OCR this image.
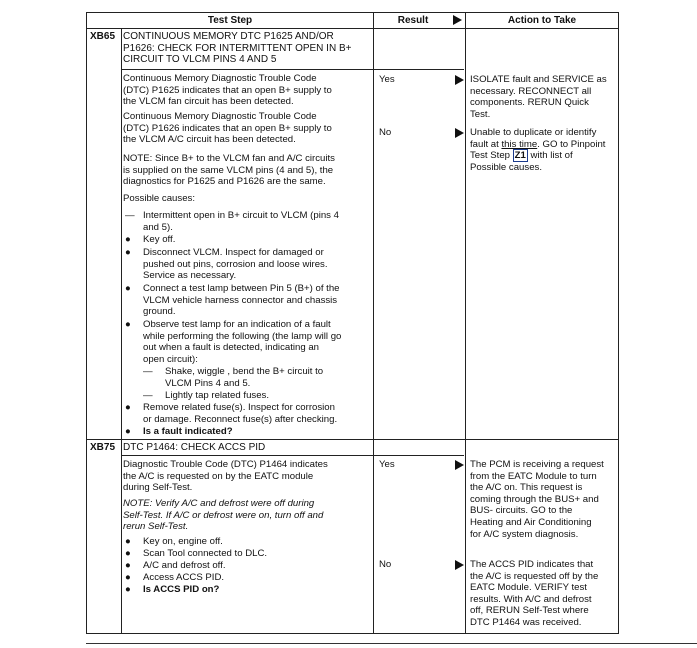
Test Step	Result	Action to Take
XB65 CONTINUOUS MEMORY DTC P1625 AND/OR
P1626: CHECK FOR INTERMITTENT OPEN IN B+
CIRCUIT TO VLCM PINS 4 AND 5
Continuous Memory Diagnostic Trouble Code
(DTC) P1625 indicates that an open B+ supply to
the VLCM fan circuit has been detected.
Continuous Memory Diagnostic Trouble Code
(DTC) P1626 indicates that an open B+ supply to
the VLCM A/C circuit has been detected.
NOTE: Since B+ to the VLCM fan and A/C circuits
is supplied on the same VLCM pins (4 and 5), the
diagnostics for P1625 and P1626 are the same.
Possible causes:
— Intermittent open in B+ circuit to VLCM (pins 4
and 5).
● Key off.
● Disconnect VLCM. Inspect for damaged or
pushed out pins, corrosion and loose wires.
Service as necessary.
● Connect a test lamp between Pin 5 (B+) of the
VLCM vehicle harness connector and chassis
ground.
● Observe test lamp for an indication of a fault
while performing the following (the lamp will go
out when a fault is detected, indicating an
open circuit):
— Shake, wiggle , bend the B+ circuit to
VLCM Pins 4 and 5.
— Lightly tap related fuses.
● Remove related fuse(s). Inspect for corrosion
or damage. Reconnect fuse(s) after checking.
● Is a fault indicated?
Yes
No
ISOLATE fault and SERVICE as
necessary. RECONNECT all
components. RERUN Quick
Test.
Unable to duplicate or identify
fault at this time. GO to Pinpoint
Test Step Z1 with list of
Possible causes.
XB75 DTC P1464: CHECK ACCS PID
Diagnostic Trouble Code (DTC) P1464 indicates
the A/C is requested on by the EATC module
during Self-Test.
NOTE: Verify A/C and defrost were off during
Self-Test. If A/C or defrost were on, turn off and
rerun Self-Test.
● Key on, engine off.
● Scan Tool connected to DLC.
● A/C and defrost off.
● Access ACCS PID.
● Is ACCS PID on?
Yes
No
The PCM is receiving a request
from the EATC Module to turn
the A/C on. This request is
coming through the BUS+ and
BUS- circuits. GO to the
Heating and Air Conditioning
for A/C system diagnosis.
The ACCS PID indicates that
the A/C is requested off by the
EATC Module. VERIFY test
results. With A/C and defrost
off, RERUN Self-Test where
DTC P1464 was received.
